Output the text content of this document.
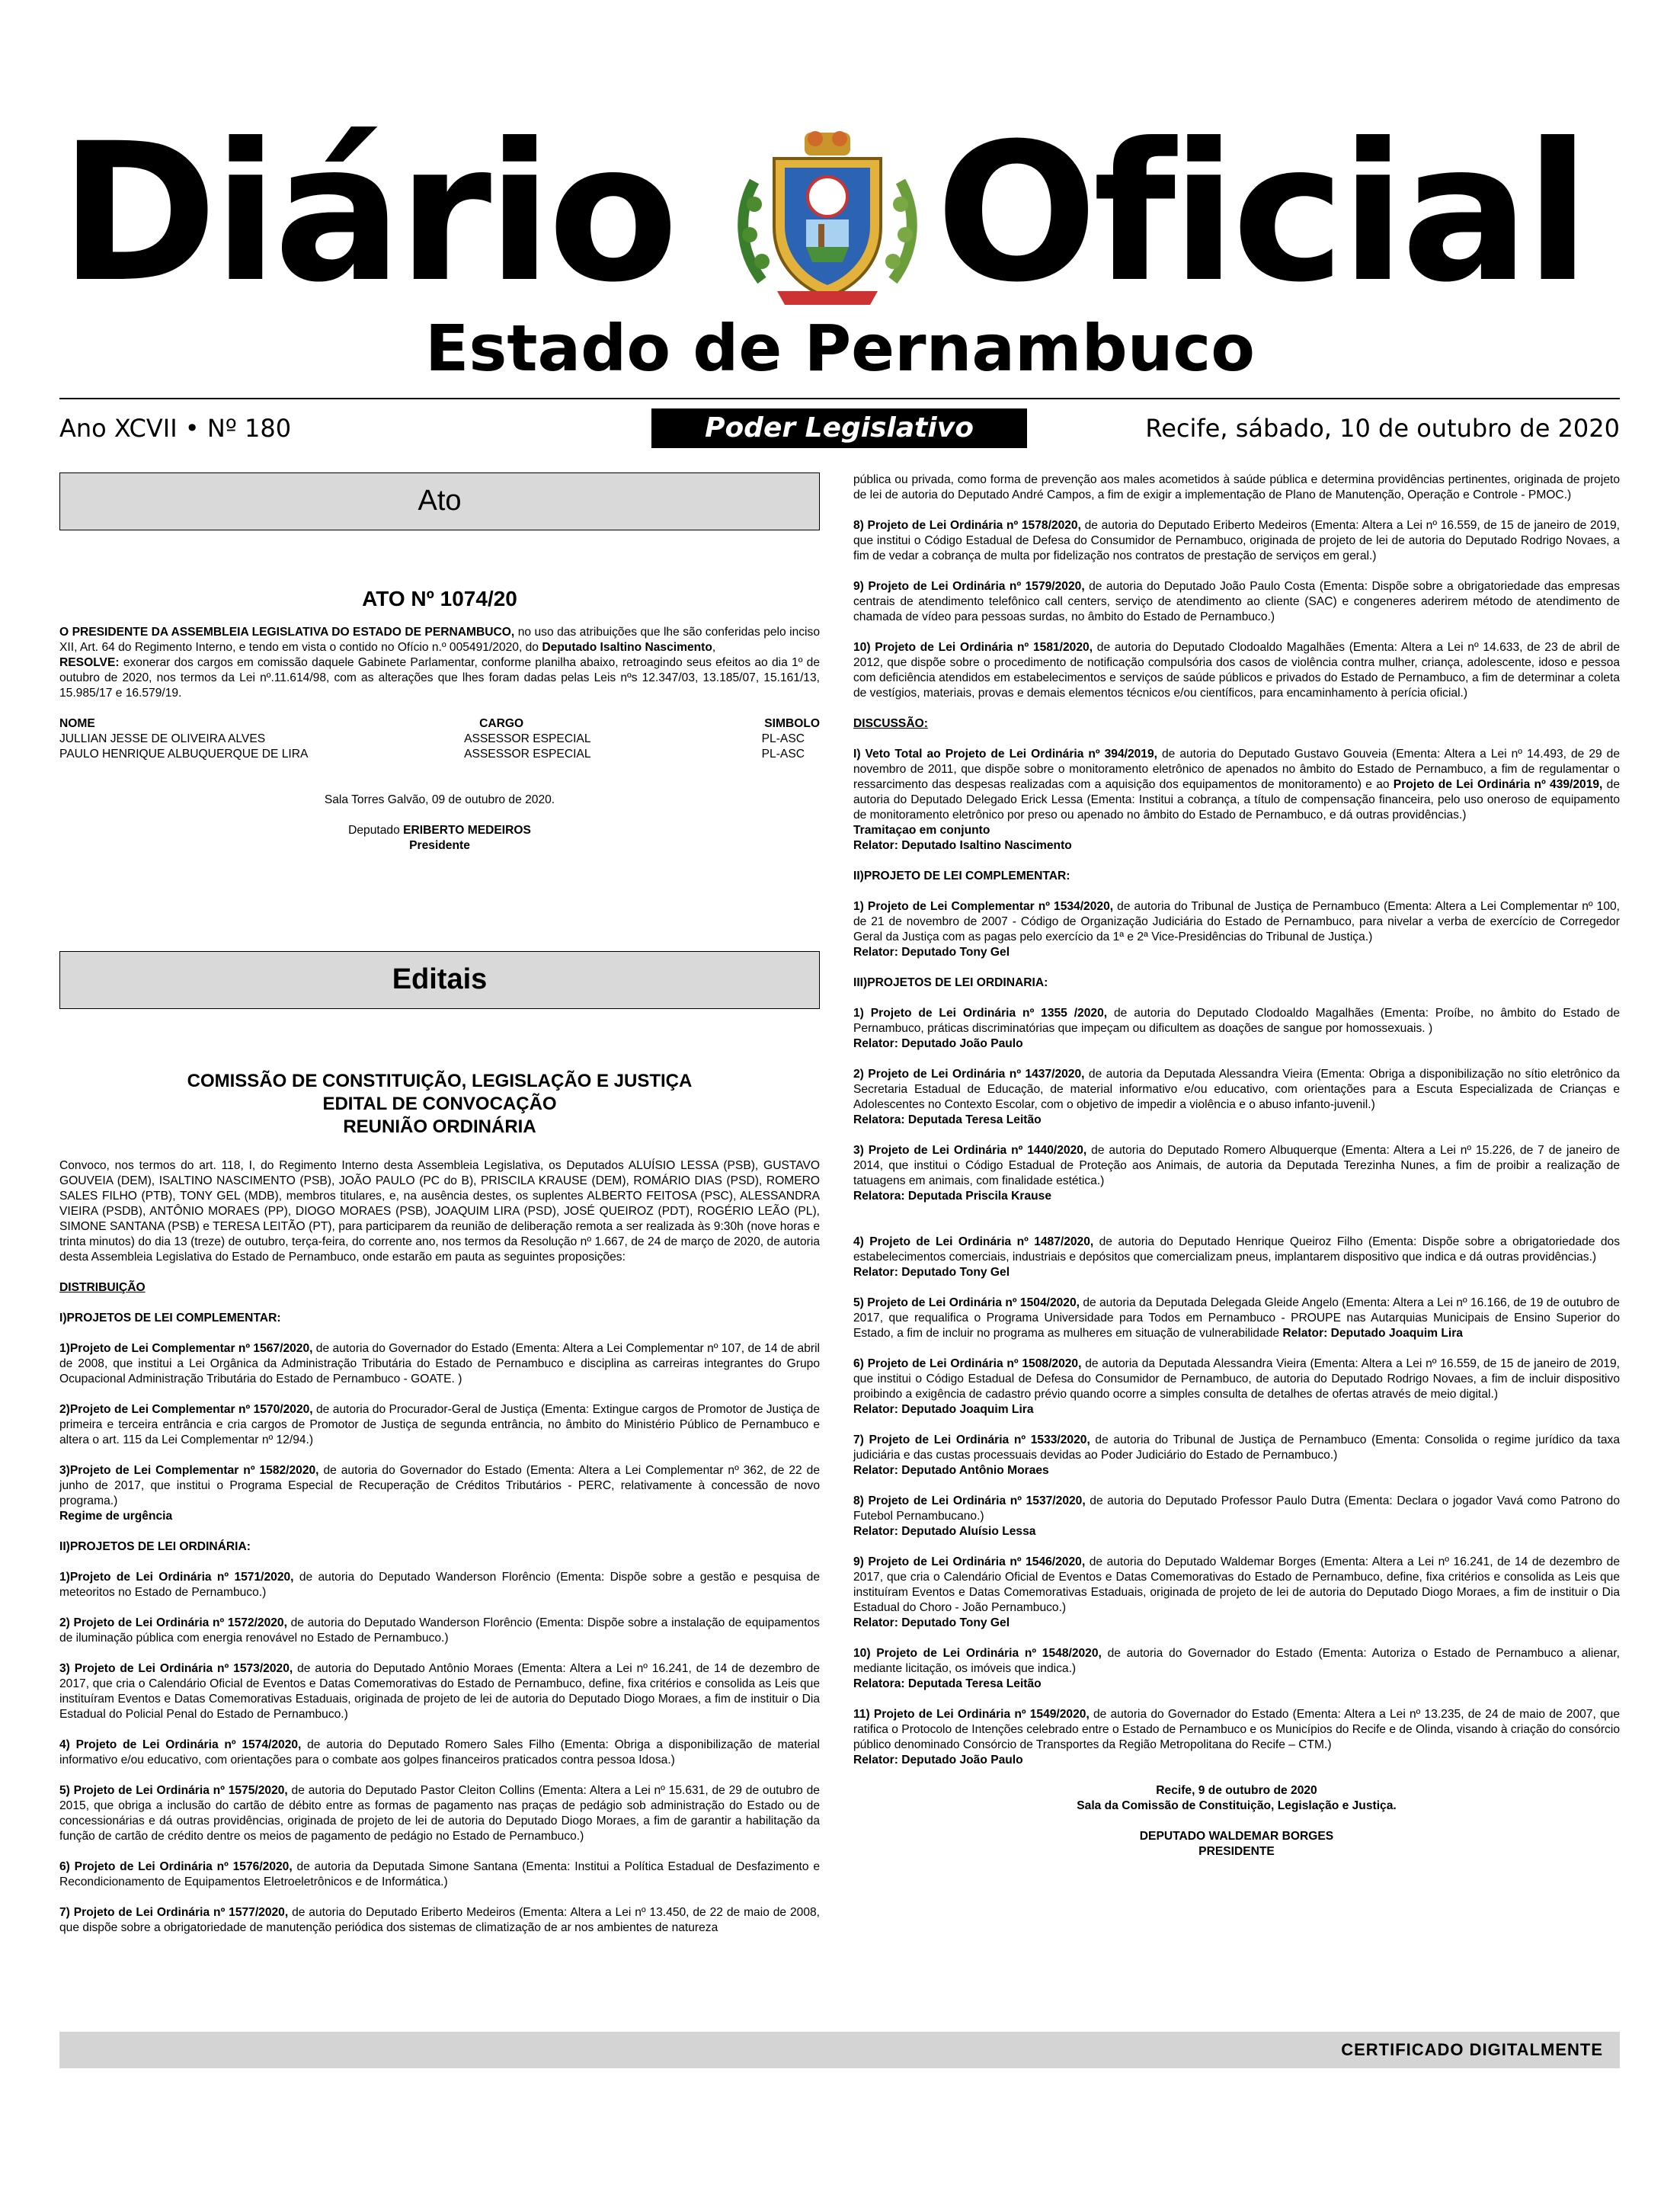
Diário Oficial
Estado de Pernambuco
Ano XCVII • Nº 180	Poder Legislativo	Recife, sábado, 10 de outubro de 2020
Ato
ATO Nº 1074/20

O PRESIDENTE DA ASSEMBLEIA LEGISLATIVA DO ESTADO DE PERNAMBUCO, no uso das atribuições que lhe são conferidas pelo inciso XII, Art. 64 do Regimento Interno, e tendo em vista o contido no Ofício n.º 005491/2020, do Deputado Isaltino Nascimento,
RESOLVE: exonerar dos cargos em comissão daquele Gabinete Parlamentar, conforme planilha abaixo, retroagindo seus efeitos ao dia 1º de outubro de 2020, nos termos da Lei nº.11.614/98, com as alterações que lhes foram dadas pelas Leis nºs 12.347/03, 13.185/07, 15.161/13, 15.985/17 e 16.579/19.

NOME	CARGO	SIMBOLO
JULLIAN JESSE DE OLIVEIRA ALVES	ASSESSOR ESPECIAL	PL-ASC
PAULO HENRIQUE ALBUQUERQUE DE LIRA	ASSESSOR ESPECIAL	PL-ASC

Sala Torres Galvão, 09 de outubro de 2020.

Deputado ERIBERTO MEDEIROS

Presidente

Editais
COMISSÃO DE CONSTITUIÇÃO, LEGISLAÇÃO E JUSTIÇA
EDITAL DE CONVOCAÇÃO
REUNIÃO ORDINÁRIA

Convoco, nos termos do art. 118, I, do Regimento Interno desta Assembleia Legislativa, os Deputados ALUÍSIO LESSA (PSB), GUSTAVO GOUVEIA (DEM), ISALTINO NASCIMENTO (PSB), JOÃO PAULO (PC do B), PRISCILA KRAUSE (DEM), ROMÁRIO DIAS (PSD), ROMERO SALES FILHO (PTB), TONY GEL (MDB), membros titulares, e, na ausência destes, os suplentes ALBERTO FEITOSA (PSC), ALESSANDRA VIEIRA (PSDB), ANTÔNIO MORAES (PP), DIOGO MORAES (PSB), JOAQUIM LIRA (PSD), JOSÉ QUEIROZ (PDT), ROGÉRIO LEÃO (PL), SIMONE SANTANA (PSB) e TERESA LEITÃO (PT), para participarem da reunião de deliberação remota a ser realizada às 9:30h (nove horas e trinta minutos) do dia 13 (treze) de outubro, terça-feira, do corrente ano, nos termos da Resolução nº 1.667, de 24 de março de 2020, de autoria desta Assembleia Legislativa do Estado de Pernambuco, onde estarão em pauta as seguintes proposições:

DISTRIBUIÇÃO

I)PROJETOS DE LEI COMPLEMENTAR:

1)Projeto de Lei Complementar nº 1567/2020, de autoria do Governador do Estado (Ementa: Altera a Lei Complementar nº 107, de 14 de abril de 2008, que institui a Lei Orgânica da Administração Tributária do Estado de Pernambuco e disciplina as carreiras integrantes do Grupo Ocupacional Administração Tributária do Estado de Pernambuco - GOATE. )

2)Projeto de Lei Complementar nº 1570/2020, de autoria do Procurador-Geral de Justiça (Ementa: Extingue cargos de Promotor de Justiça de primeira e terceira entrância e cria cargos de Promotor de Justiça de segunda entrância, no âmbito do Ministério Público de Pernambuco e altera o art. 115 da Lei Complementar nº 12/94.)

3)Projeto de Lei Complementar nº 1582/2020, de autoria do Governador do Estado (Ementa: Altera a Lei Complementar nº 362, de 22 de junho de 2017, que institui o Programa Especial de Recuperação de Créditos Tributários - PERC, relativamente à concessão de novo programa.)
Regime de urgência

II)PROJETOS DE LEI ORDINÁRIA:

1)Projeto de Lei Ordinária nº 1571/2020, de autoria do Deputado Wanderson Florêncio (Ementa: Dispõe sobre a gestão e pesquisa de meteoritos no Estado de Pernambuco.)

2) Projeto de Lei Ordinária nº 1572/2020, de autoria do Deputado Wanderson Florêncio (Ementa: Dispõe sobre a instalação de equipamentos de iluminação pública com energia renovável no Estado de Pernambuco.)

3) Projeto de Lei Ordinária nº 1573/2020, de autoria do Deputado Antônio Moraes (Ementa: Altera a Lei nº 16.241, de 14 de dezembro de 2017, que cria o Calendário Oficial de Eventos e Datas Comemorativas do Estado de Pernambuco, define, fixa critérios e consolida as Leis que instituíram Eventos e Datas Comemorativas Estaduais, originada de projeto de lei de autoria do Deputado Diogo Moraes, a fim de instituir o Dia Estadual do Policial Penal do Estado de Pernambuco.)

4) Projeto de Lei Ordinária nº 1574/2020, de autoria do Deputado Romero Sales Filho (Ementa: Obriga a disponibilização de material informativo e/ou educativo, com orientações para o combate aos golpes financeiros praticados contra pessoa Idosa.)

5) Projeto de Lei Ordinária nº 1575/2020, de autoria do Deputado Pastor Cleiton Collins (Ementa: Altera a Lei nº 15.631, de 29 de outubro de 2015, que obriga a inclusão do cartão de débito entre as formas de pagamento nas praças de pedágio sob administração do Estado ou de concessionárias e dá outras providências, originada de projeto de lei de autoria do Deputado Diogo Moraes, a fim de garantir a habilitação da função de cartão de crédito dentre os meios de pagamento de pedágio no Estado de Pernambuco.)

6) Projeto de Lei Ordinária nº 1576/2020, de autoria da Deputada Simone Santana (Ementa: Institui a Política Estadual de Desfazimento e Recondicionamento de Equipamentos Eletroeletrônicos e de Informática.)

7) Projeto de Lei Ordinária nº 1577/2020, de autoria do Deputado Eriberto Medeiros (Ementa: Altera a Lei nº 13.450, de 22 de maio de 2008, que dispõe sobre a obrigatoriedade de manutenção periódica dos sistemas de climatização de ar nos ambientes de natureza

pública ou privada, como forma de prevenção aos males acometidos à saúde pública e determina providências pertinentes, originada de projeto de lei de autoria do Deputado André Campos, a fim de exigir a implementação de Plano de Manutenção, Operação e Controle - PMOC.)

8) Projeto de Lei Ordinária nº 1578/2020, de autoria do Deputado Eriberto Medeiros (Ementa: Altera a Lei nº 16.559, de 15 de janeiro de 2019, que institui o Código Estadual de Defesa do Consumidor de Pernambuco, originada de projeto de lei de autoria do Deputado Rodrigo Novaes, a fim de vedar a cobrança de multa por fidelização nos contratos de prestação de serviços em geral.)

9) Projeto de Lei Ordinária nº 1579/2020, de autoria do Deputado João Paulo Costa (Ementa: Dispõe sobre a obrigatoriedade das empresas centrais de atendimento telefônico call centers, serviço de atendimento ao cliente (SAC) e congeneres aderirem método de atendimento de chamada de vídeo para pessoas surdas, no âmbito do Estado de Pernambuco.)

10) Projeto de Lei Ordinária nº 1581/2020, de autoria do Deputado Clodoaldo Magalhães (Ementa: Altera a Lei nº 14.633, de 23 de abril de 2012, que dispõe sobre o procedimento de notificação compulsória dos casos de violência contra mulher, criança, adolescente, idoso e pessoa com deficiência atendidos em estabelecimentos e serviços de saúde públicos e privados do Estado de Pernambuco, a fim de determinar a coleta de vestígios, materiais, provas e demais elementos técnicos e/ou científicos, para encaminhamento à perícia oficial.)

DISCUSSÃO:

I) Veto Total ao Projeto de Lei Ordinária nº 394/2019, de autoria do Deputado Gustavo Gouveia (Ementa: Altera a Lei nº 14.493, de 29 de novembro de 2011, que dispõe sobre o monitoramento eletrônico de apenados no âmbito do Estado de Pernambuco, a fim de regulamentar o ressarcimento das despesas realizadas com a aquisição dos equipamentos de monitoramento) e ao Projeto de Lei Ordinária nº 439/2019, de autoria do Deputado Delegado Erick Lessa (Ementa: Institui a cobrança, a título de compensação financeira, pelo uso oneroso de equipamento de monitoramento eletrônico por preso ou apenado no âmbito do Estado de Pernambuco, e dá outras providências.)

Tramitaçao em conjunto

Relator: Deputado Isaltino Nascimento

II)PROJETO DE LEI COMPLEMENTAR:

1) Projeto de Lei Complementar nº 1534/2020, de autoria do Tribunal de Justiça de Pernambuco (Ementa: Altera a Lei Complementar nº 100, de 21 de novembro de 2007 - Código de Organização Judiciária do Estado de Pernambuco, para nivelar a verba de exercício de Corregedor Geral da Justiça com as pagas pelo exercício da 1ª e 2ª Vice-Presidências do Tribunal de Justiça.)

Relator: Deputado Tony Gel

III)PROJETOS DE LEI ORDINARIA:

1) Projeto de Lei Ordinária nº 1355 /2020, de autoria do Deputado Clodoaldo Magalhães (Ementa: Proíbe, no âmbito do Estado de Pernambuco, práticas discriminatórias que impeçam ou dificultem as doações de sangue por homossexuais. )

Relator: Deputado João Paulo

2) Projeto de Lei Ordinária nº 1437/2020, de autoria da Deputada Alessandra Vieira (Ementa: Obriga a disponibilização no sítio eletrônico da Secretaria Estadual de Educação, de material informativo e/ou educativo, com orientações para a Escuta Especializada de Crianças e Adolescentes no Contexto Escolar, com o objetivo de impedir a violência e o abuso infanto-juvenil.)

Relatora: Deputada Teresa Leitão

3) Projeto de Lei Ordinária nº 1440/2020, de autoria do Deputado Romero Albuquerque (Ementa: Altera a Lei nº 15.226, de 7 de janeiro de 2014, que institui o Código Estadual de Proteção aos Animais, de autoria da Deputada Terezinha Nunes, a fim de proibir a realização de tatuagens em animais, com finalidade estética.)

Relatora: Deputada Priscila Krause

4) Projeto de Lei Ordinária nº 1487/2020, de autoria do Deputado Henrique Queiroz Filho (Ementa: Dispõe sobre a obrigatoriedade dos estabelecimentos comerciais, industriais e depósitos que comercializam pneus, implantarem dispositivo que indica e dá outras providências.)

Relator: Deputado Tony Gel

5) Projeto de Lei Ordinária nº 1504/2020, de autoria da Deputada Delegada Gleide Angelo (Ementa: Altera a Lei nº 16.166, de 19 de outubro de 2017, que requalifica o Programa Universidade para Todos em Pernambuco - PROUPE nas Autarquias Municipais de Ensino Superior do Estado, a fim de incluir no programa as mulheres em situação de vulnerabilidade Relator: Deputado Joaquim Lira

6) Projeto de Lei Ordinária nº 1508/2020, de autoria da Deputada Alessandra Vieira (Ementa: Altera a Lei nº 16.559, de 15 de janeiro de 2019, que institui o Código Estadual de Defesa do Consumidor de Pernambuco, de autoria do Deputado Rodrigo Novaes, a fim de incluir dispositivo proibindo a exigência de cadastro prévio quando ocorre a simples consulta de detalhes de ofertas através de meio digital.)

Relator: Deputado Joaquim Lira

7) Projeto de Lei Ordinária nº 1533/2020, de autoria do Tribunal de Justiça de Pernambuco (Ementa: Consolida o regime jurídico da taxa judiciária e das custas processuais devidas ao Poder Judiciário do Estado de Pernambuco.)

Relator: Deputado Antônio Moraes

8) Projeto de Lei Ordinária nº 1537/2020, de autoria do Deputado Professor Paulo Dutra (Ementa: Declara o jogador Vavá como Patrono do Futebol Pernambucano.)

Relator: Deputado Aluísio Lessa

9) Projeto de Lei Ordinária nº 1546/2020, de autoria do Deputado Waldemar Borges (Ementa: Altera a Lei nº 16.241, de 14 de dezembro de 2017, que cria o Calendário Oficial de Eventos e Datas Comemorativas do Estado de Pernambuco, define, fixa critérios e consolida as Leis que instituíram Eventos e Datas Comemorativas Estaduais, originada de projeto de lei de autoria do Deputado Diogo Moraes, a fim de instituir o Dia Estadual do Choro - João Pernambuco.)

Relator: Deputado Tony Gel

10) Projeto de Lei Ordinária nº 1548/2020, de autoria do Governador do Estado (Ementa: Autoriza o Estado de Pernambuco a alienar, mediante licitação, os imóveis que indica.)

Relatora: Deputada Teresa Leitão

11) Projeto de Lei Ordinária nº 1549/2020, de autoria do Governador do Estado (Ementa: Altera a Lei nº 13.235, de 24 de maio de 2007, que ratifica o Protocolo de Intenções celebrado entre o Estado de Pernambuco e os Municípios do Recife e de Olinda, visando à criação do consórcio público denominado Consórcio de Transportes da Região Metropolitana do Recife – CTM.)

Relator: Deputado João Paulo

Recife, 9 de outubro de 2020

Sala da Comissão de Constituição, Legislação e Justiça.

DEPUTADO WALDEMAR BORGES

PRESIDENTE

CERTIFICADO DIGITALMENTE
